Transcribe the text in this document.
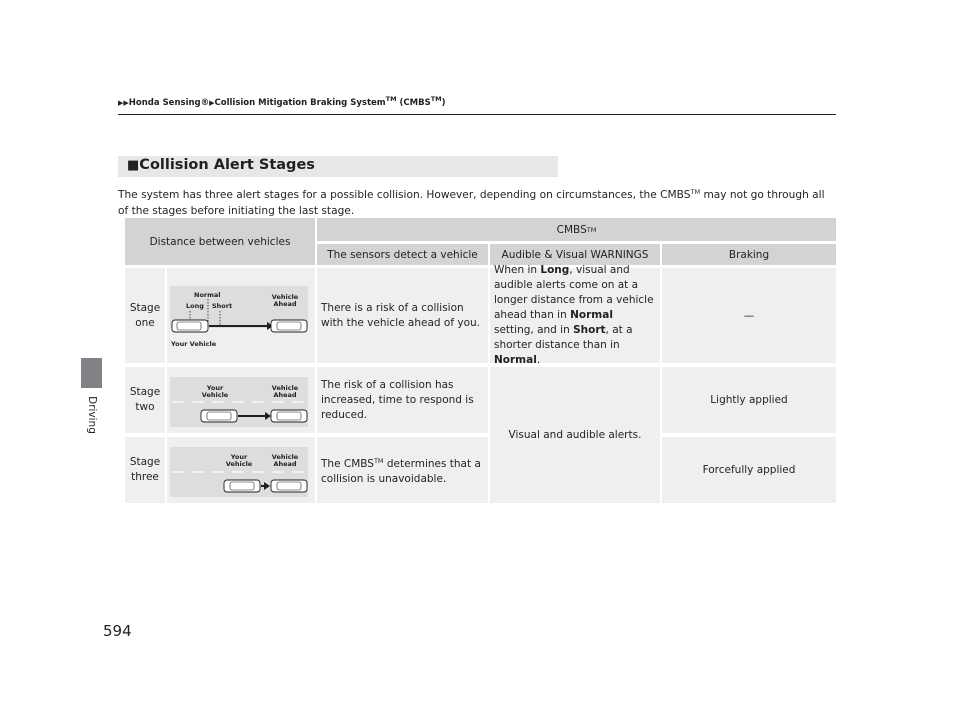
Driving
594
▶▶Honda Sensing®▶Collision Mitigation Braking System™ (CMBS™)
■Collision Alert Stages
The system has three alert stages for a possible collision. However, depending on circumstances, the CMBS™ may not go through all of the stages before initiating the last stage.
Distance between vehicles
CMBS TM
The sensors detect a vehicle Audible & Visual WARNINGS	Braking
Stage
one
Normal
Long Short
Vehicle Ahead
Your Vehicle
There is a risk of a collision with the vehicle ahead of you.
When in Long, visual and audible alerts come on at a longer distance from a vehicle ahead than in Normal setting, and in Short, at a shorter distance than in Normal.
—
Stage
two
Your Vehicle
Vehicle Ahead
The risk of a collision has increased, time to respond is reduced.
Visual and audible alerts.
Lightly applied
Stage
three
Your Vehicle
Vehicle Ahead	The CMBS™ determines that a collision is unavoidable.
Forcefully applied
